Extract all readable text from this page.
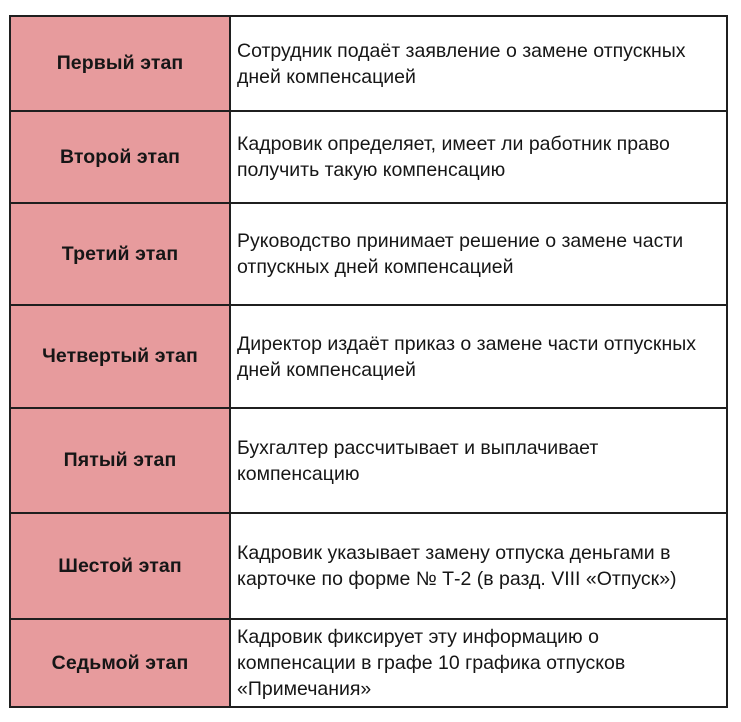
Первый этап	Сотрудник подаёт заявление о замене отпускных дней компенсацией
Второй этап	Кадровик определяет, имеет ли работник право получить такую компенсацию
Третий этап	Руководство принимает решение о замене части отпускных дней компенсацией
Четвертый этап	Директор издаёт приказ о замене части отпускных дней компенсацией
Пятый этап	Бухгалтер рассчитывает и выплачивает компенсацию
Шестой этап	Кадровик указывает замену отпуска деньгами в карточке по форме № Т-2 (в разд. VIII «Отпуск»)
Седьмой этап	Кадровик фиксирует эту информацию о компенсации в графе 10 графика отпусков «Примечания»
